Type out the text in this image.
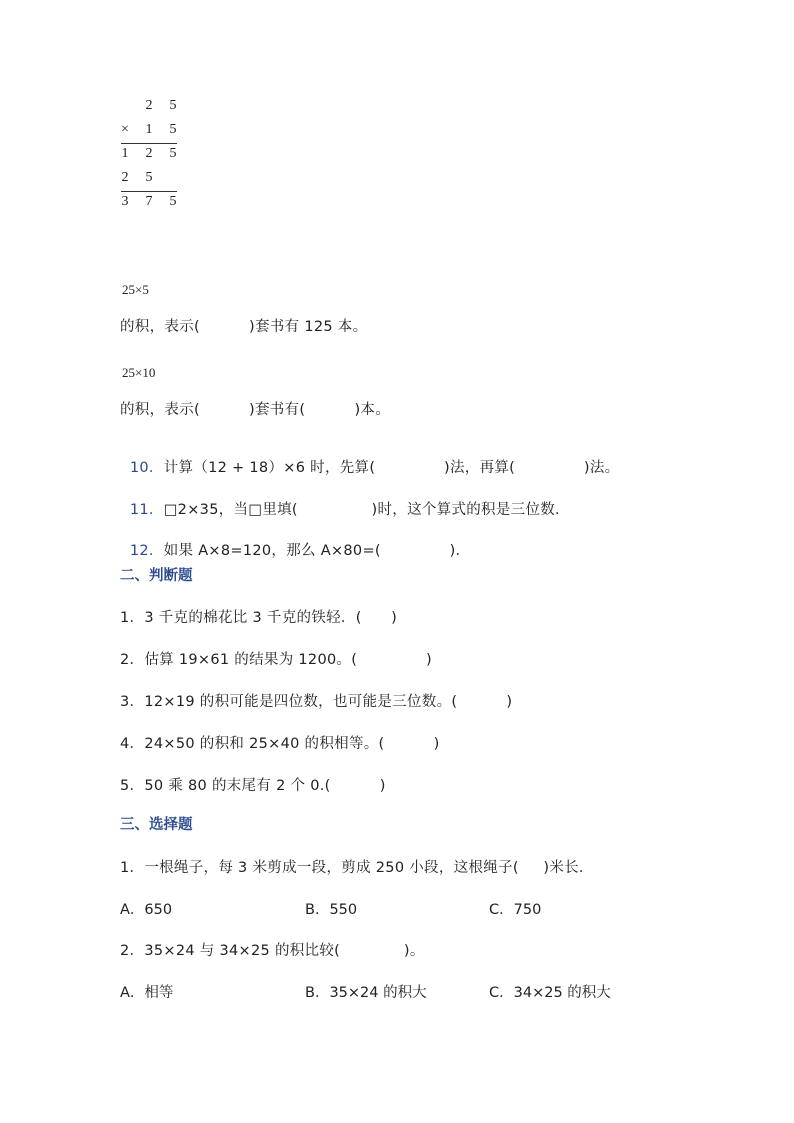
2 5
× 1 5
1 2 5
2 5
3 7 5
25×5
的积，表示(          )套书有 125 本。
25×10
的积，表示(          )套书有(          )本。

10．计算（12 + 18）×6 时，先算(              )法，再算(              )法。

11．□2×35，当□里填(               )时，这个算式的积是三位数．

12．如果 A×8=120，那么 A×80=(              )．

二、判断题
1．3 千克的棉花比 3 千克的铁轻．(      )
2．估算 19×61 的结果为 1200。(              )
3．12×19 的积可能是四位数，也可能是三位数。(          )
4．24×50 的积和 25×40 的积相等。(          )
5．50 乘 80 的末尾有 2 个 0.(          )
三、选择题
1．一根绳子，每 3 米剪成一段，剪成 250 小段，这根绳子(     )米长．
A．650	B．550	C．750
2．35×24 与 34×25 的积比较(             )。
A．相等	B．35×24 的积大	C．34×25 的积大
